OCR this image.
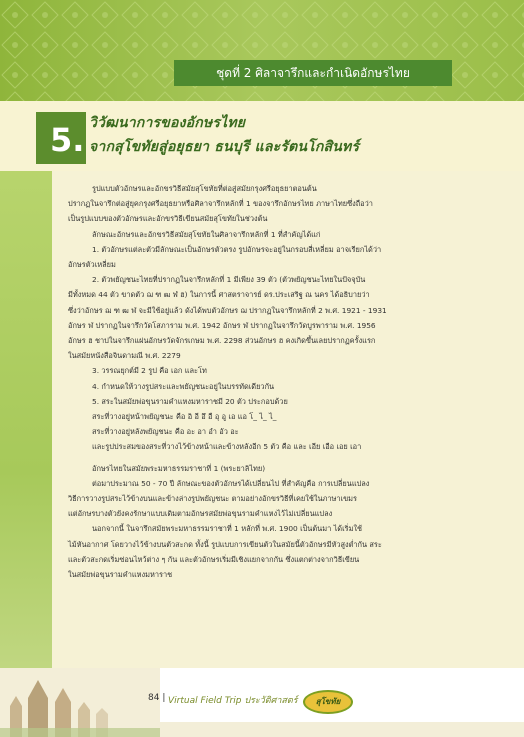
ชุดที่ 2 ศิลาจารึกและกำเนิดอักษรไทย
5. วิวัฒนาการของอักษรไทย
จากสุโขทัยสู่อยุธยา ธนบุรี และรัตนโกสินทร์

รูปแบบตัวอักษรและอักขรวิธีสมัยสุโขทัยที่ต่อสู่สมัยกรุงศรีอยุธยาตอนต้น

ปรากฏในจารึกต่อสู่ยุคกรุงศรีอยุธยาหรือศิลาจารึกหลักที่ 1 ของจารึกอักษรไทย ภาษาไทยซึ่งถือว่า

เป็นรูปแบบของตัวอักษรและอักขรวิธีเขียนสมัยสุโขทัยในช่วงต้น

ลักษณะอักษรและอักขรวิธีสมัยสุโขทัยในศิลาจารึกหลักที่ 1 ที่สำคัญได้แก่

1. ตัวอักษรแต่ละตัวมีลักษณะเป็นอักษรตัวตรง รูปอักษรจะอยู่ในกรอบสี่เหลี่ยม อาจเรียกได้ว่า

อักษรตัวเหลี่ยม

2. ตัวพยัญชนะไทยที่ปรากฏในจารึกหลักที่ 1 มีเพียง 39 ตัว (ตัวพยัญชนะไทยในปัจจุบัน

มีทั้งหมด 44 ตัว ขาดตัว ฌ ฑ ฒ ฬ ฮ) ในการนี้ ศาสตราจารย์ ดร.ประเสริฐ ณ นคร ได้อธิบายว่า

ซึ่งว่าอักษร ฌ ฑ ฒ ฬ จะมีใช้อยู่แล้ว ดังได้พบตัวอักษร ฌ ปรากฏในจารึกหลักที่ 2 พ.ศ. 1921 - 1931

อักษร ฬ ปรากฏในจารึกวัดโสภาราม พ.ศ. 1942 อักษร ฬ ปรากฏในจารึกวัดบูรพาราม พ.ศ. 1956

อักษร ฮ ชาปในจารึกแผ่นอักษรวัดจักรเกษม พ.ศ. 2298 ส่วนอักษร ฮ คงเกิดขึ้นเลยปรากฏครั้งแรก

ในสมัยหนังสือจินดามณี พ.ศ. 2279

3. วรรณยุกต์มี 2 รูป คือ เอก และโท

4. กำหนดให้วางรูปสระและพยัญชนะอยู่ในบรรทัดเดียวกัน

5. สระในสมัยพ่อขุนรามคำแหงมหาราชมี 20 ตัว ประกอบด้วย

สระที่วางอยู่หน้าพยัญชนะ คือ อิ อี อึ อื อุ อู เอ แอ โ_ ไ_ ไ_

สระที่วางอยู่หลังพยัญชนะ คือ อะ อา อำ อัว อะ

และรูปประสมของสระที่วางไว้ข้างหน้าและข้างหลังอีก 5 ตัว คือ และ เอีย เอือ เอย เอา

อักษรไทยในสมัยพระมหาธรรมราชาที่ 1 (พระยาลิไทย)

ต่อมาประมาณ 50 - 70 ปี ลักษณะของตัวอักษรได้เปลี่ยนไป ที่สำคัญคือ การเปลี่ยนแปลง

วิธีการวางรูปสระไว้ข้างบนและข้างล่างรูปพยัญชนะ ตามอย่างอักขรวิธีที่เคยใช้ในภาษาเขมร

แต่อักษรบางตัวยังคงรักษาแบบเดิมตามอักษรสมัยพ่อขุนรามคำแหงไว้ไม่เปลี่ยนแปลง

นอกจากนี้ ในจารึกสมัยพระมหาธรรมราชาที่ 1 หลักที่ พ.ศ. 1900 เป็นต้นมา ได้เริ่มใช้

ไม้หันอากาศ โดยวางไว้ข้างบนตัวสะกด ทั้งนี้ รูปแบบการเขียนตัวในสมัยนี้ตัวอักษรมีหัวสูงต่ำกัน สระ

และตัวสะกดเริ่มซ่อนไหว้ต่าง ๆ กัน และตัวอักษรเริ่มมีเชิงแยกจากกัน ซึ่งแตกต่างจากวิธีเขียน

ในสมัยพ่อขุนรามคำแหงมหาราช

84 | Virtual Field Trip ประวัติศาสตร์	สุโขทัย
